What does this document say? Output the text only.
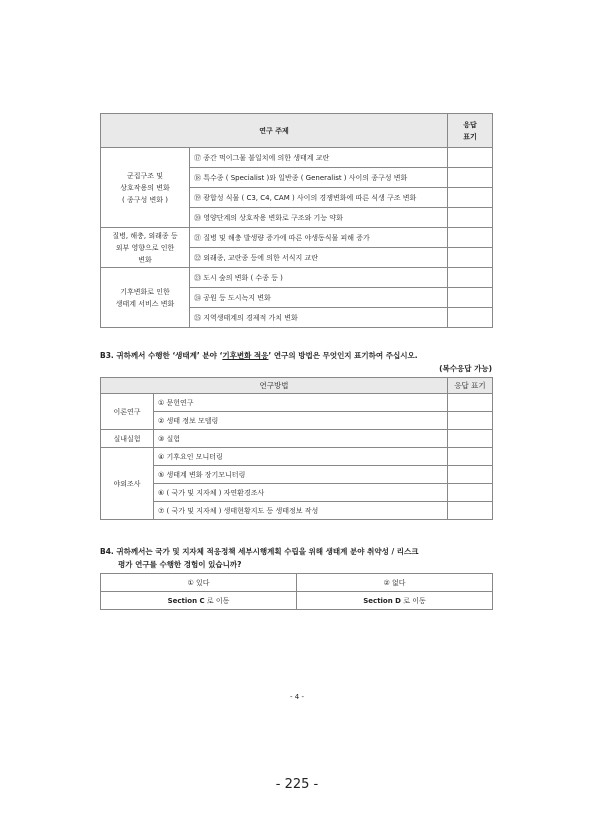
연구 주제		응답
표기
군집구조 및
상호작용의 변화
( 종구성 변화 )	⑰ 종간 먹이그물 불일치에 의한 생태계 교란	
	⑱ 특수종 ( Specialist )와 일반종 ( Generalist ) 사이의 종구성 변화	
	⑲ 광합성 식물 ( C3, C4, CAM ) 사이의 경쟁변화에 따른 식생 구조 변화	
	⑳ 영양단계의 상호작용 변화로 구조와 기능 약화	
질병, 해충, 외래종 등
외부 영향으로 인한
변화	㉑ 질병 및 해충 발생량 증가에 따른 야생동식물 피해 증가	
	㉒ 외래종, 교란종 등에 의한 서식지 교란	
기후변화로 인한
생태계 서비스 변화	㉓ 도시 숲의 변화 ( 수종 등 )	
	㉔ 공원 등 도시녹지 변화	
	㉕ 지역생태계의 경제적 가치 변화	
B3. 귀하께서 수행한 ‘생태계’ 분야 ‘기후변화 적응’ 연구의 방법은 무엇인지 표기하여 주십시오.
(복수응답 가능)
연구방법		응답 표기
이론연구	① 문헌연구	
	② 생태 정보 모델링	
실내실험	③ 실험	
야외조사	④ 기후요인 모니터링	
	⑤ 생태계 변화 장기모니터링	
	⑥ ( 국가 및 지자체 ) 자연환경조사	
	⑦ ( 국가 및 지자체 ) 생태현황지도 등 생태정보 작성	
B4. 귀하께서는 국가 및 지자체 적응정책 세부시행계획 수립을 위해 생태계 분야 취약성 / 리스크
평가 연구를 수행한 경험이 있습니까?
① 있다	② 없다
Section C 로 이동	Section D 로 이동
- 4 -
- 225 -
